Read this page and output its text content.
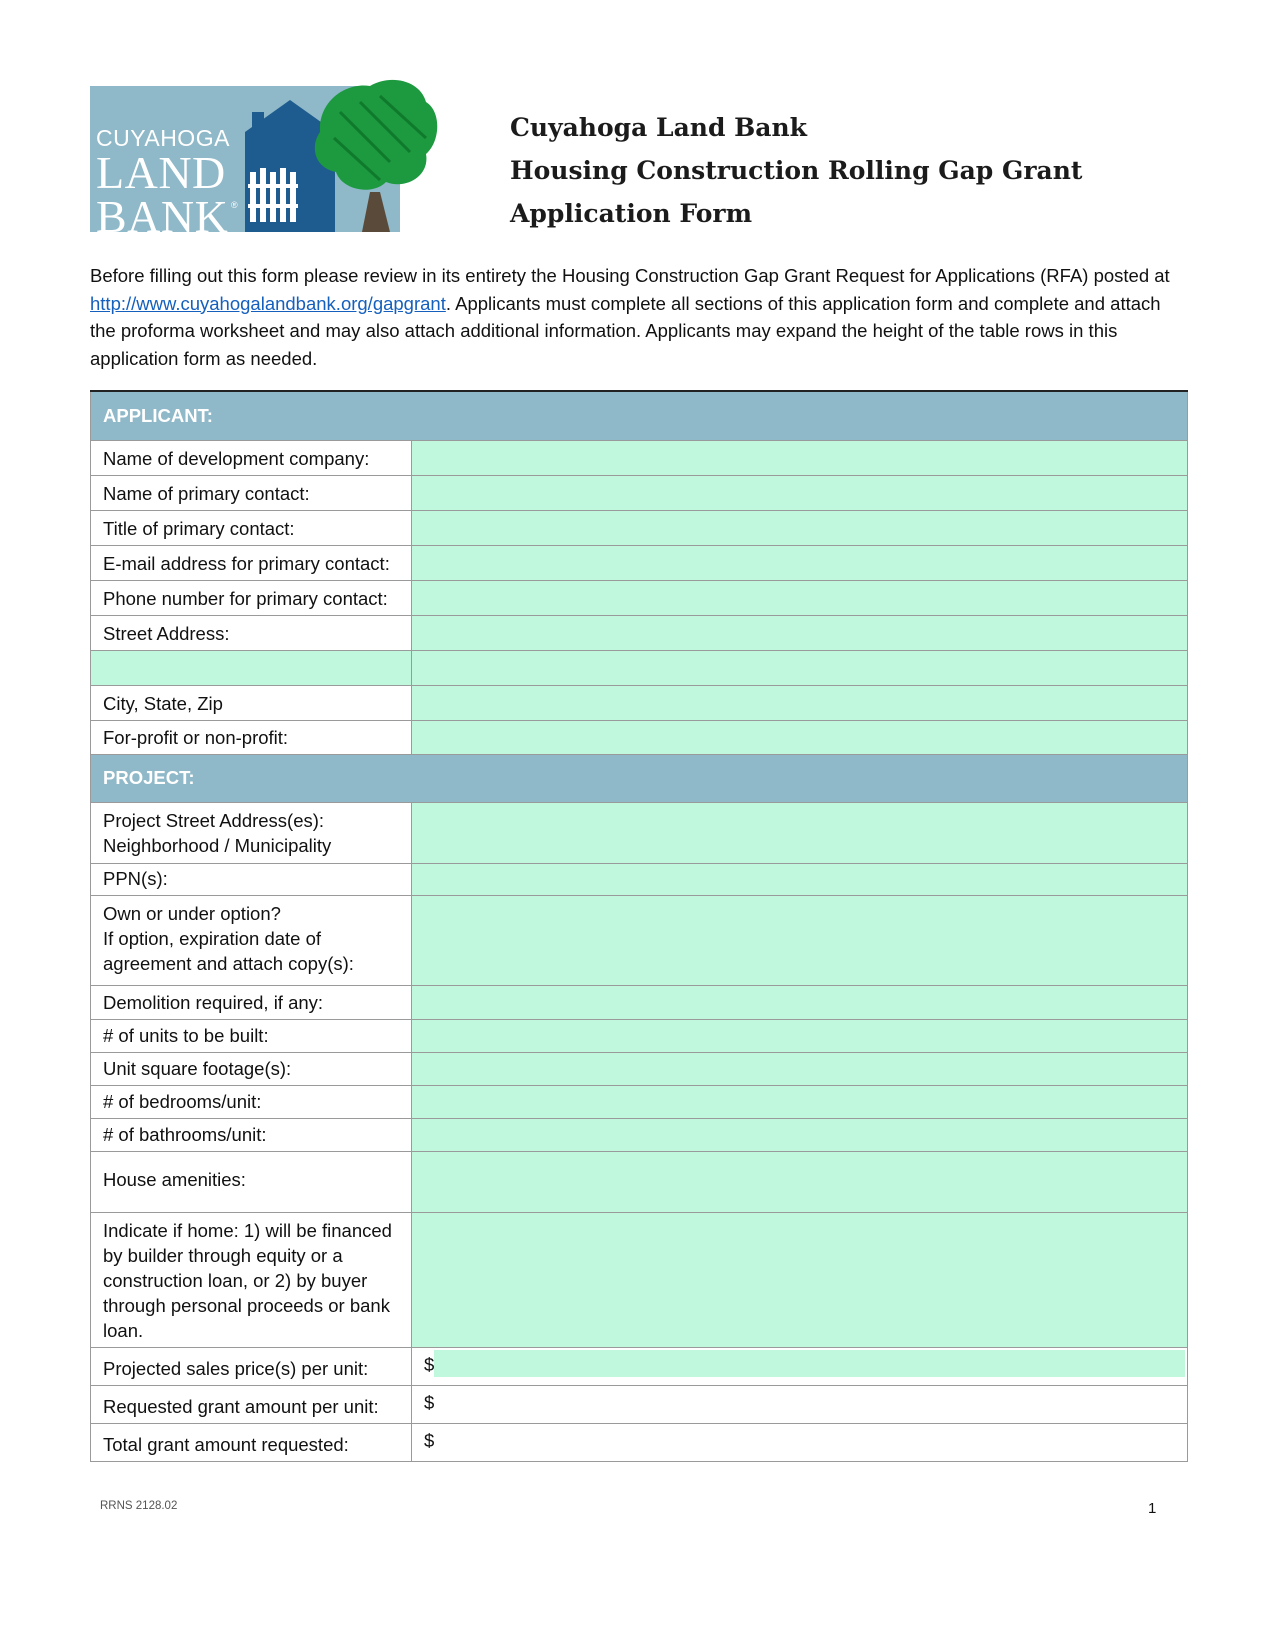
CUYAHOGA
LAND
BANK ®
Cuyahoga Land Bank
Housing Construction Rolling Gap Grant
Application Form
Before filling out this form please review in its entirety the Housing Construction Gap Grant Request for Applications (RFA) posted at http://www.cuyahogalandbank.org/gapgrant. Applicants must complete all sections of this application form and complete and attach the proforma worksheet and may also attach additional information. Applicants may expand the height of the table rows in this application form as needed.
APPLICANT:	
Name of development company:	
Name of primary contact:	
Title of primary contact:	
E-mail address for primary contact:	
Phone number for primary contact:	
Street Address:	

City, State, Zip	
For-profit or non-profit:	
PROJECT:	

Project Street Address(es):
Neighborhood / Municipality	

PPN(s):	

Own or under option?
If option, expiration date of agreement and attach copy(s):	

Demolition required, if any:	
# of units to be built:	
Unit square footage(s):	
# of bedrooms/unit:	
# of bathrooms/unit:	
House amenities:	
Indicate if home: 1) will be financed by builder through equity or a construction loan, or 2) by buyer through personal proceeds or bank loan.	
Projected sales price(s) per unit:	$

Requested grant amount per unit:	$

Total grant amount requested:	$
RRNS 2128.02	1
